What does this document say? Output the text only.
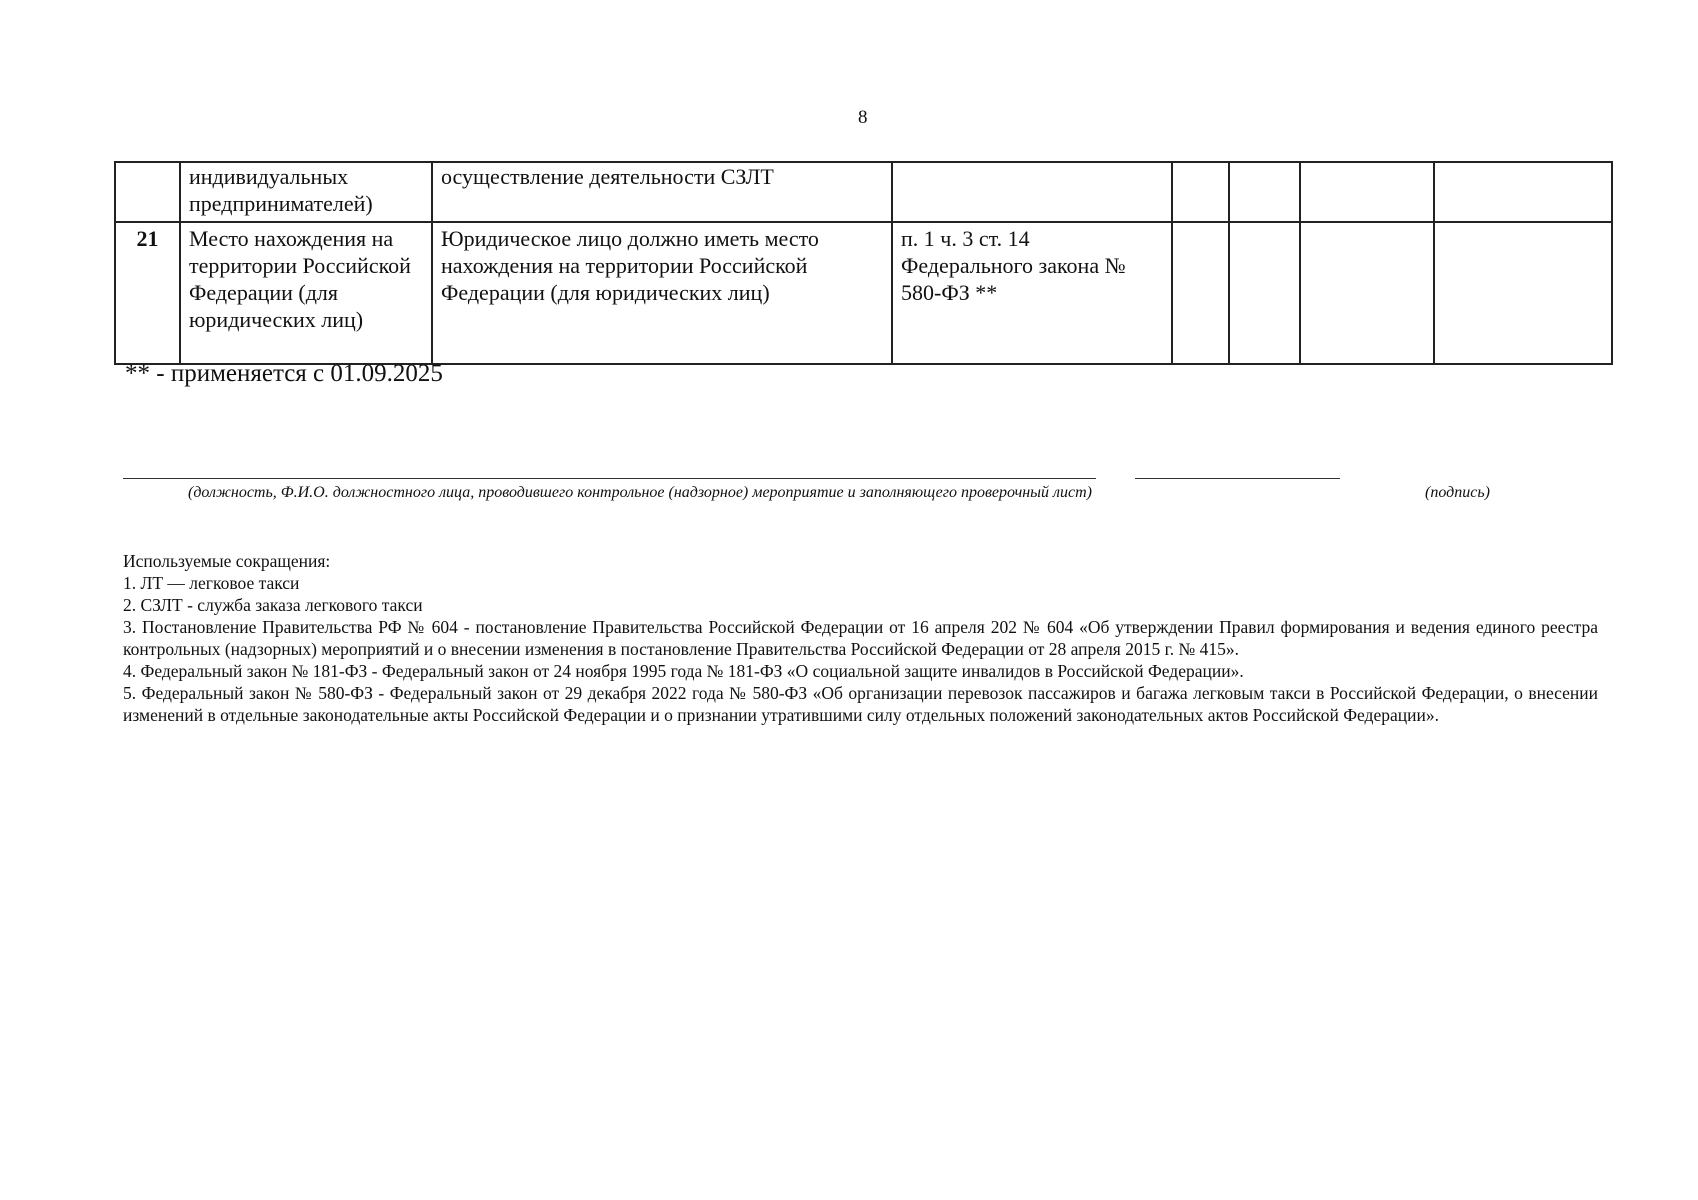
8
	индивидуальных предпринимателей)	осуществление деятельности СЗЛТ					
21	Место нахождения на территории Российской Федерации (для юридических лиц)	Юридическое лицо должно иметь место нахождения на территории Российской Федерации (для юридических лиц)	п. 1 ч. 3 ст. 14 Федерального закона № 580-ФЗ **				
** - применяется с 01.09.2025
(должность, Ф.И.О. должностного лица, проводившего контрольное (надзорное) мероприятие и заполняющего проверочный лист)	(подпись)

Используемые сокращения:

1. ЛТ — легковое такси

2. СЗЛТ - служба заказа легкового такси

3. Постановление Правительства РФ № 604 - постановление Правительства Российской Федерации от 16 апреля 202 № 604 «Об утверждении Правил формирования и ведения единого реестра контрольных (надзорных) мероприятий и о внесении изменения в постановление Правительства Российской Федерации от 28 апреля 2015 г. № 415».

4. Федеральный закон № 181-ФЗ - Федеральный закон от 24 ноября 1995 года № 181-ФЗ «О социальной защите инвалидов в Российской Федерации».

5. Федеральный закон № 580-ФЗ - Федеральный закон от 29 декабря 2022 года № 580-ФЗ «Об организации перевозок пассажиров и багажа легковым такси в Российской Федерации, о внесении изменений в отдельные законодательные акты Российской Федерации и о признании утратившими силу отдельных положений законодательных актов Российской Федерации».
